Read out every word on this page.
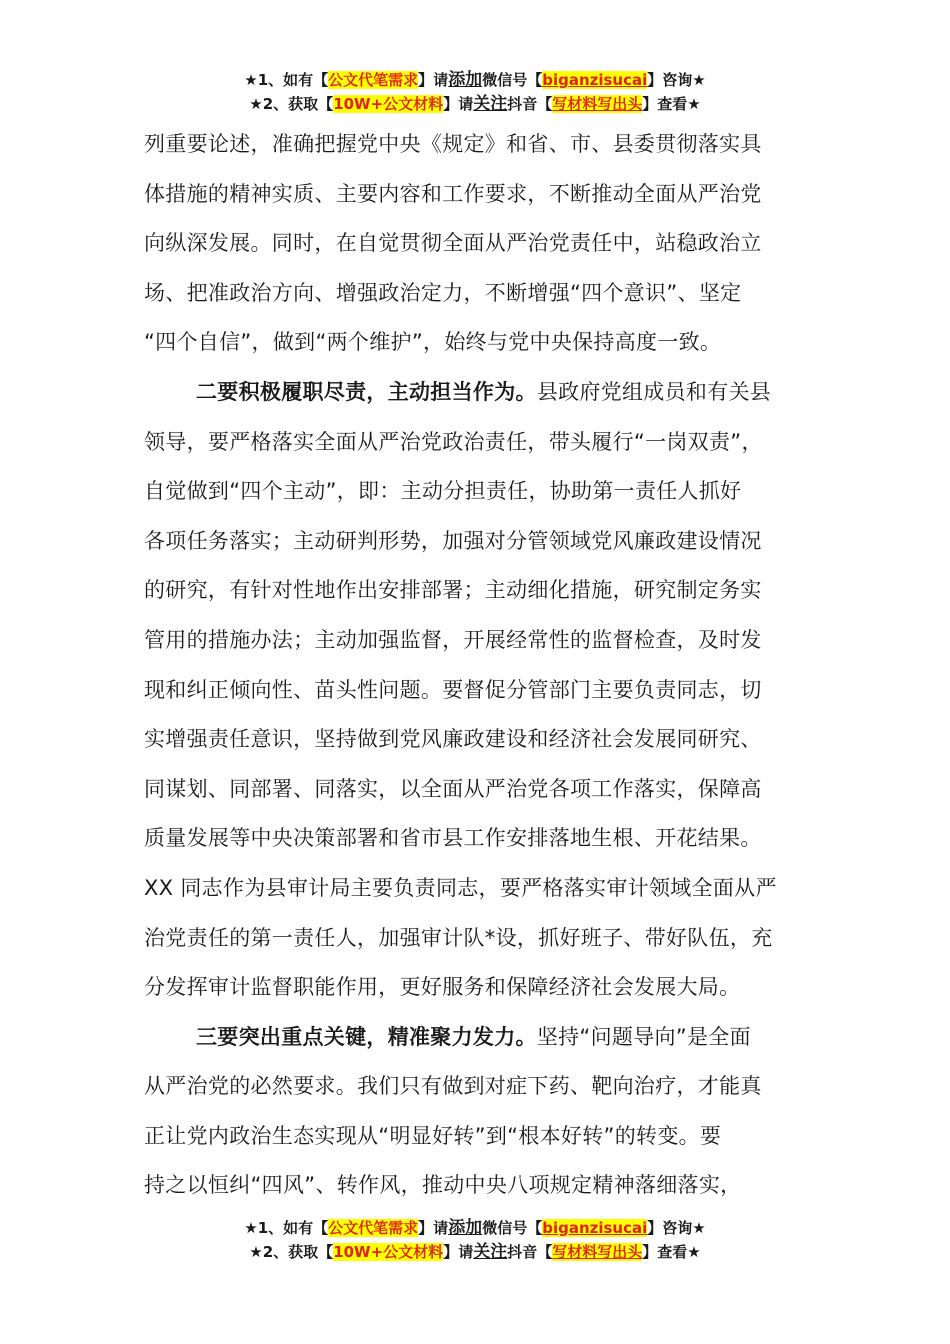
★1、如有【公文代笔需求】请添加微信号【biganzisucai】咨询★
★2、获取【10W+公文材料】请关注抖音【写材料写出头】查看★
列重要论述，准确把握党中央《规定》和省、市、县委贯彻落实具
体措施的精神实质、主要内容和工作要求，不断推动全面从严治党
向纵深发展。同时，在自觉贯彻全面从严治党责任中，站稳政治立
场、把准政治方向、增强政治定力，不断增强“四个意识”、坚定
“四个自信”，做到“两个维护”，始终与党中央保持高度一致。
二要积极履职尽责，主动担当作为。县政府党组成员和有关县
领导，要严格落实全面从严治党政治责任，带头履行“一岗双责”，
自觉做到“四个主动”，即：主动分担责任，协助第一责任人抓好
各项任务落实；主动研判形势，加强对分管领域党风廉政建设情况
的研究，有针对性地作出安排部署；主动细化措施，研究制定务实
管用的措施办法；主动加强监督，开展经常性的监督检查，及时发
现和纠正倾向性、苗头性问题。要督促分管部门主要负责同志，切
实增强责任意识，坚持做到党风廉政建设和经济社会发展同研究、
同谋划、同部署、同落实，以全面从严治党各项工作落实，保障高
质量发展等中央决策部署和省市县工作安排落地生根、开花结果。
XX 同志作为县审计局主要负责同志，要严格落实审计领域全面从严
治党责任的第一责任人，加强审计队*设，抓好班子、带好队伍，充
分发挥审计监督职能作用，更好服务和保障经济社会发展大局。
三要突出重点关键，精准聚力发力。坚持“问题导向”是全面
从严治党的必然要求。我们只有做到对症下药、靶向治疗，才能真
正让党内政治生态实现从“明显好转”到“根本好转”的转变。要
持之以恒纠“四风”、转作风，推动中央八项规定精神落细落实，
★1、如有【公文代笔需求】请添加微信号【biganzisucai】咨询★
★2、获取【10W+公文材料】请关注抖音【写材料写出头】查看★
